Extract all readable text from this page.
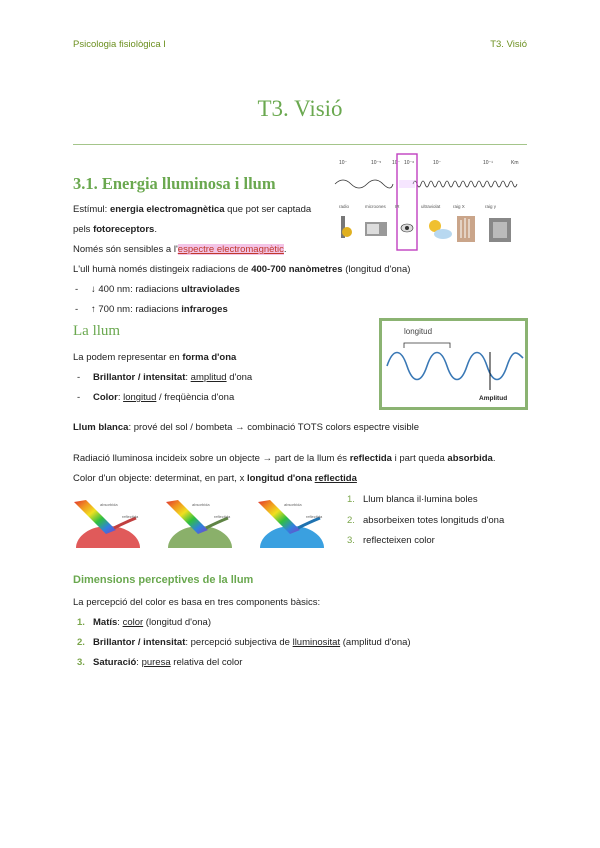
Psicologia fisiològica I	T3. Visió
T3. Visió
3.1. Energia lluminosa i llum
Estímul: energia electromagnètica que pot ser captada
pels fotoreceptors.
Només són sensibles a l'espectre electromagnètic.
L'ull humà només distingeix radiacions de 400-700 nanòmetres (longitud d'ona)
- ↓ 400 nm: radiacions ultraviolades
- ↑ 700 nm: radiacions infraroges
10⁻	10⁻⁵ 10⁻ 10⁻⁶	10⁻	10⁻¹	Km
radio	microones IR	ultraviolat	raig X	raig γ
La llum
La podem representar en forma d'ona
- Brillantor / intensitat: amplitud d'ona
- Color: longitud / freqüència d'ona
longitud
Amplitud
Llum blanca: prové del sol / bombeta → combinació TOTS colors espectre visible
Radiació lluminosa incideix sobre un objecte → part de la llum és reflectida i part queda absorbida.
Color d'un objecte: determinat, en part, x longitud d'ona reflectida
absorbida
reflectida
absorbida
reflectida
absorbida
reflectida
1. Llum blanca il·lumina boles
2. absorbeixen totes longituds d'ona
3. reflecteixen color
Dimensions perceptives de la llum
La percepció del color es basa en tres components bàsics:
1. Matís: color (longitud d'ona)
2. Brillantor / intensitat: percepció subjectiva de lluminositat (amplitud d'ona)
3. Saturació: puresa relativa del color
